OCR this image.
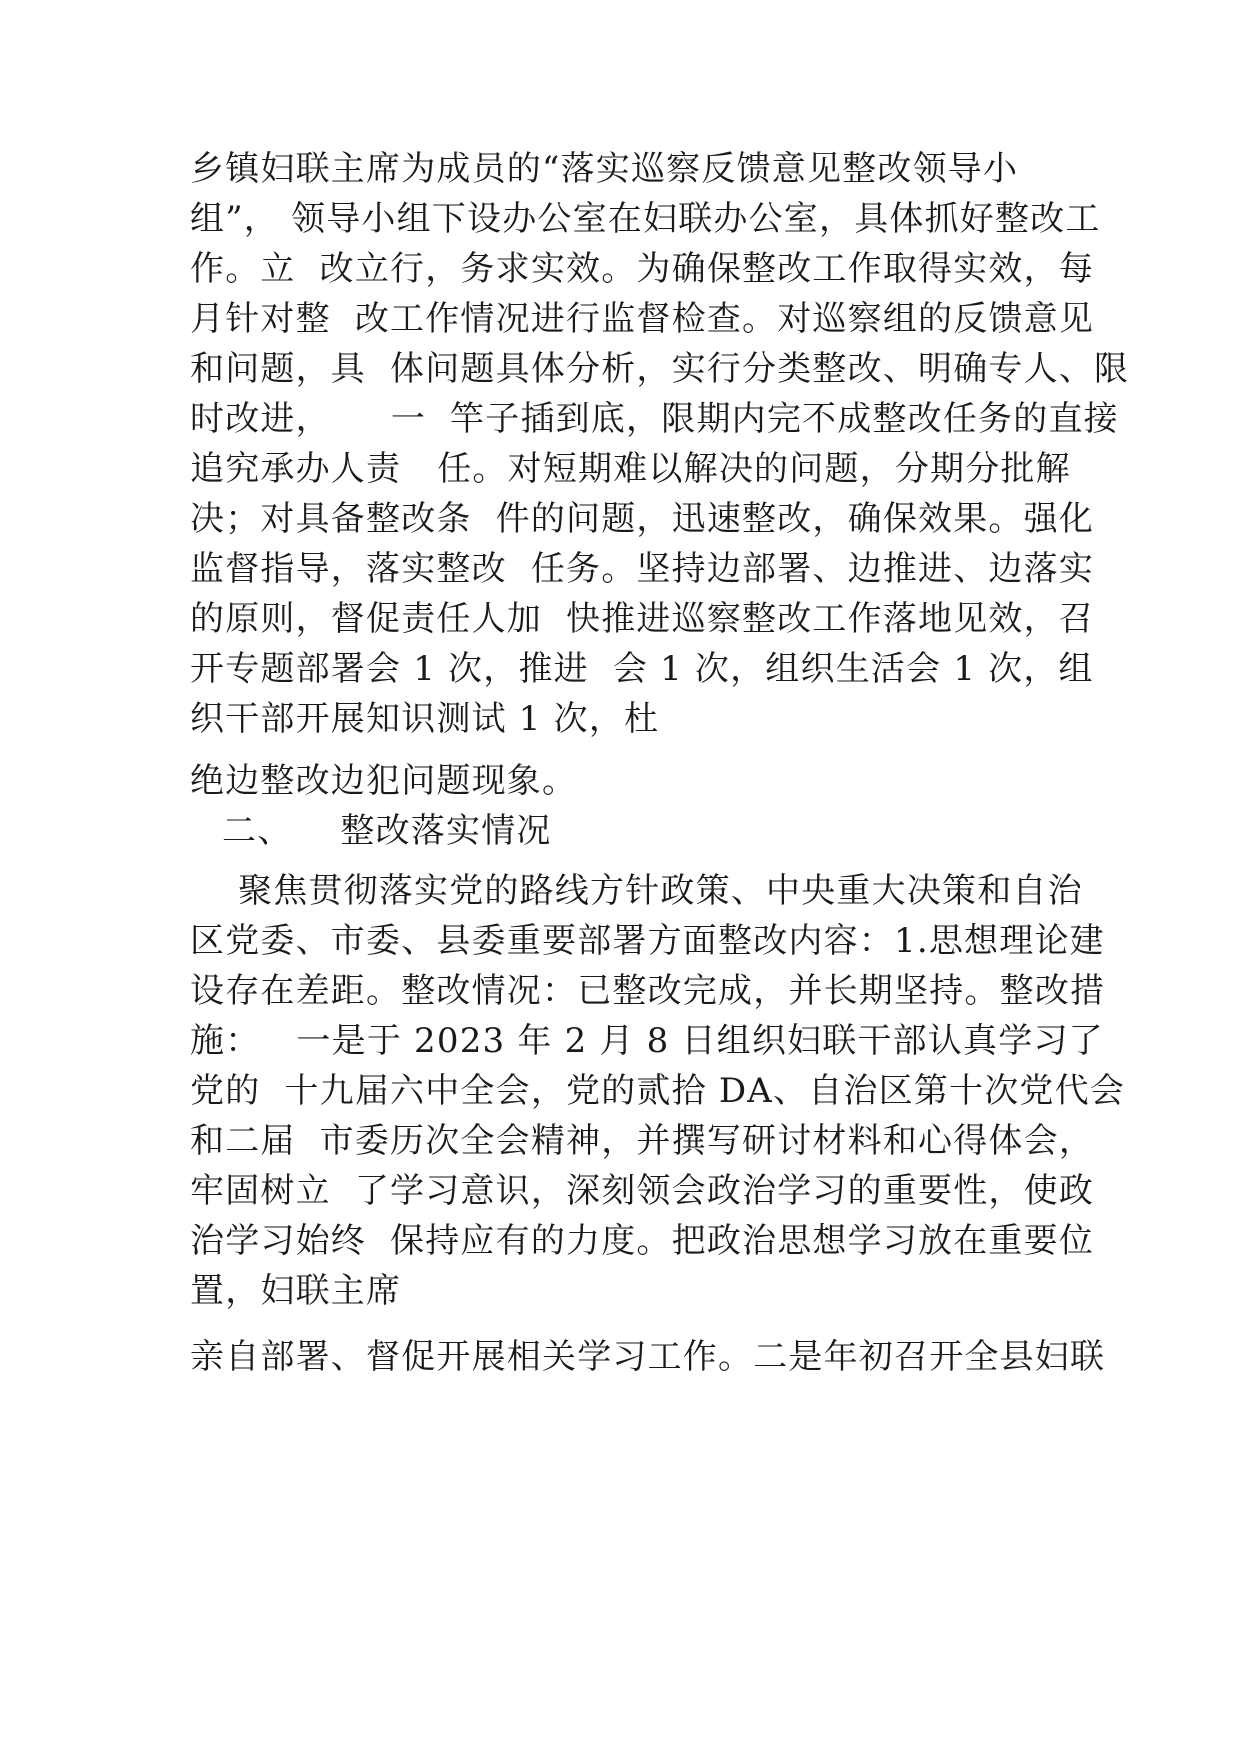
乡镇妇联主席为成员的“落实巡察反馈意见整改领导小
组”， 领导小组下设办公室在妇联办公室，具体抓好整改工
作。立  改立行，务求实效。为确保整改工作取得实效，每
月针对整  改工作情况进行监督检查。对巡察组的反馈意见
和问题，具  体问题具体分析，实行分类整改、明确专人、限
时改进，     一  竿子插到底，限期内完不成整改任务的直接
追究承办人责   任。对短期难以解决的问题，分期分批解
决；对具备整改条  件的问题，迅速整改，确保效果。强化
监督指导，落实整改  任务。坚持边部署、边推进、边落实
的原则，督促责任人加  快推进巡察整改工作落地见效，召
开专题部署会 1 次，推进  会 1 次，组织生活会 1 次，组
织干部开展知识测试 1 次，杜
绝边整改边犯问题现象。
二、    整改落实情况
聚焦贯彻落实党的路线方针政策、中央重大决策和自治
区党委、市委、县委重要部署方面整改内容：1.思想理论建
设存在差距。整改情况：已整改完成，并长期坚持。整改措
施：   一是于 2023 年 2 月 8 日组织妇联干部认真学习了
党的  十九届六中全会，党的贰拾 DA、自治区第十次党代会
和二届  市委历次全会精神，并撰写研讨材料和心得体会，
牢固树立  了学习意识，深刻领会政治学习的重要性，使政
治学习始终  保持应有的力度。把政治思想学习放在重要位
置，妇联主席
亲自部署、督促开展相关学习工作。二是年初召开全县妇联
